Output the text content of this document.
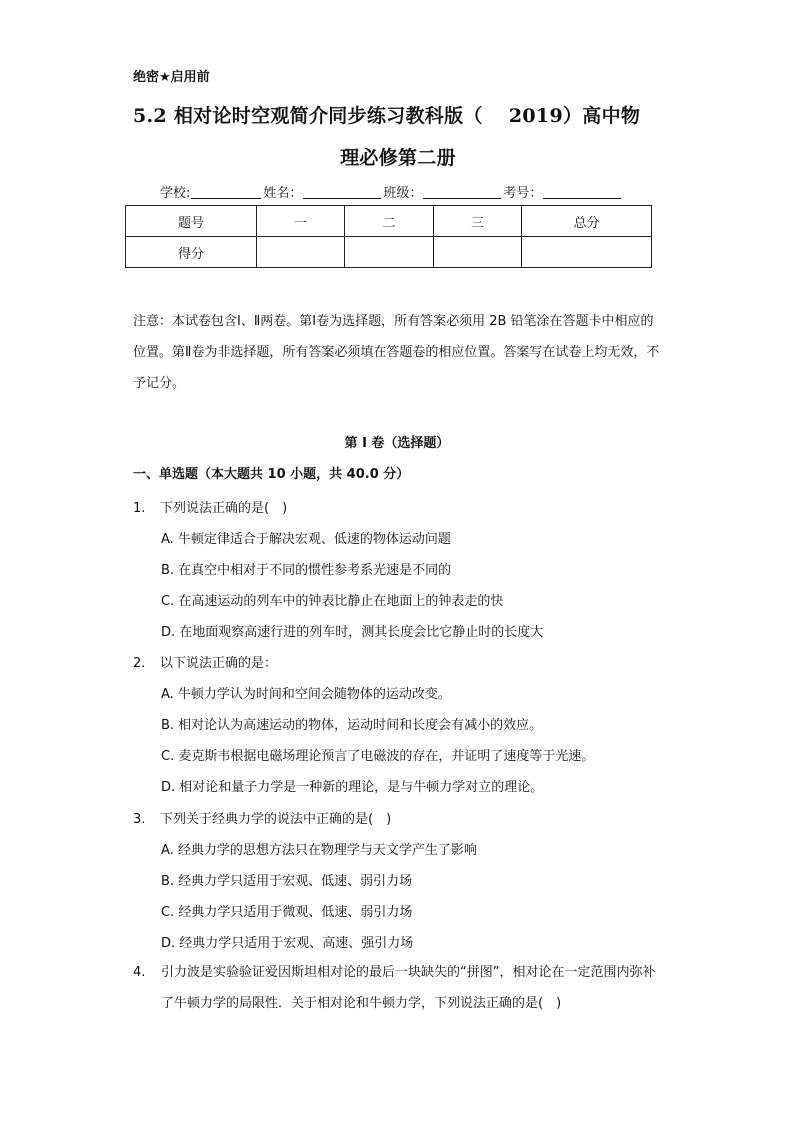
绝密★启用前
5.2 相对论时空观简介同步练习教科版（　 2019）高中物
理必修第二册
学校:	姓名：	班级：	考号：
题号	一	二	三	总分
得分				
注意：本试卷包含Ⅰ、Ⅱ两卷。第Ⅰ卷为选择题，所有答案必须用 2B 铅笔涂在答题卡中相应的位置。第Ⅱ卷为非选择题，所有答案必须填在答题卷的相应位置。答案写在试卷上均无效，不予记分。
第 I 卷（选择题）
一、单选题（本大题共 10 小题，共 40.0 分）
1. 下列说法正确的是(　)
A. 牛顿定律适合于解决宏观、低速的物体运动问题
B. 在真空中相对于不同的惯性参考系光速是不同的
C. 在高速运动的列车中的钟表比静止在地面上的钟表走的快
D. 在地面观察高速行进的列车时，测其长度会比它静止时的长度大
2. 以下说法正确的是：
A. 牛顿力学认为时间和空间会随物体的运动改变。
B. 相对论认为高速运动的物体，运动时间和长度会有减小的效应。
C. 麦克斯韦根据电磁场理论预言了电磁波的存在，并证明了速度等于光速。
D. 相对论和量子力学是一种新的理论，是与牛顿力学对立的理论。
3. 下列关于经典力学的说法中正确的是(　)
A. 经典力学的思想方法只在物理学与天文学产生了影响
B. 经典力学只适用于宏观、低速、弱引力场
C. 经典力学只适用于微观、低速、弱引力场
D. 经典力学只适用于宏观、高速、强引力场
4.	引力波是实验验证爱因斯坦相对论的最后一块缺失的“拼图”，相对论在一定范围内弥补了牛顿力学的局限性．关于相对论和牛顿力学，下列说法正确的是(　)
